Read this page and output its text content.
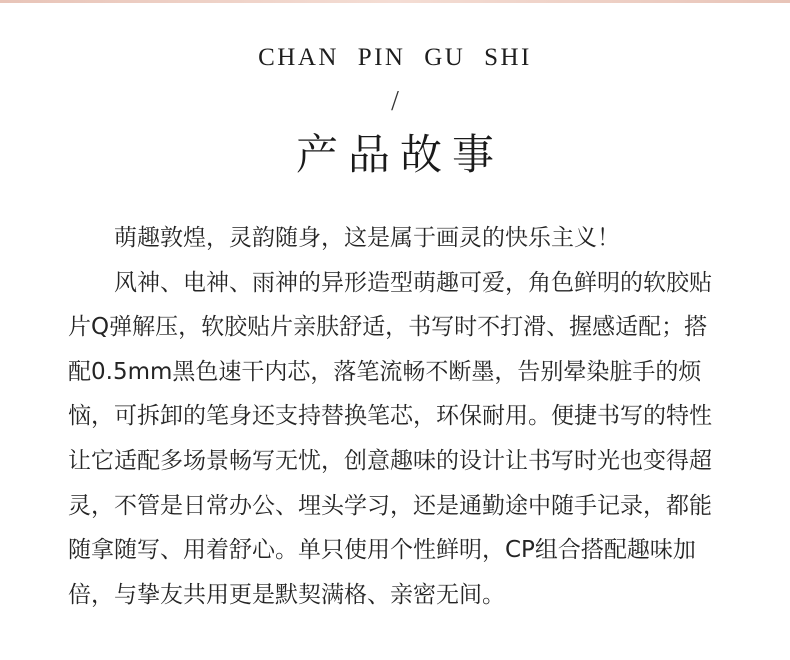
CHAN PIN GU SHI
/
产品故事

萌趣敦煌，灵韵随身，这是属于画灵的快乐主义！

风神、电神、雨神的异形造型萌趣可爱，角色鲜明的软胶贴片Q弹解压，软胶贴片亲肤舒适，书写时不打滑、握感适配；搭配0.5mm黑色速干内芯，落笔流畅不断墨，告别晕染脏手的烦恼，可拆卸的笔身还支持替换笔芯，环保耐用。便捷书写的特性让它适配多场景畅写无忧，创意趣味的设计让书写时光也变得超灵，不管是日常办公、埋头学习，还是通勤途中随手记录，都能随拿随写、用着舒心。单只使用个性鲜明，CP组合搭配趣味加倍，与挚友共用更是默契满格、亲密无间。
